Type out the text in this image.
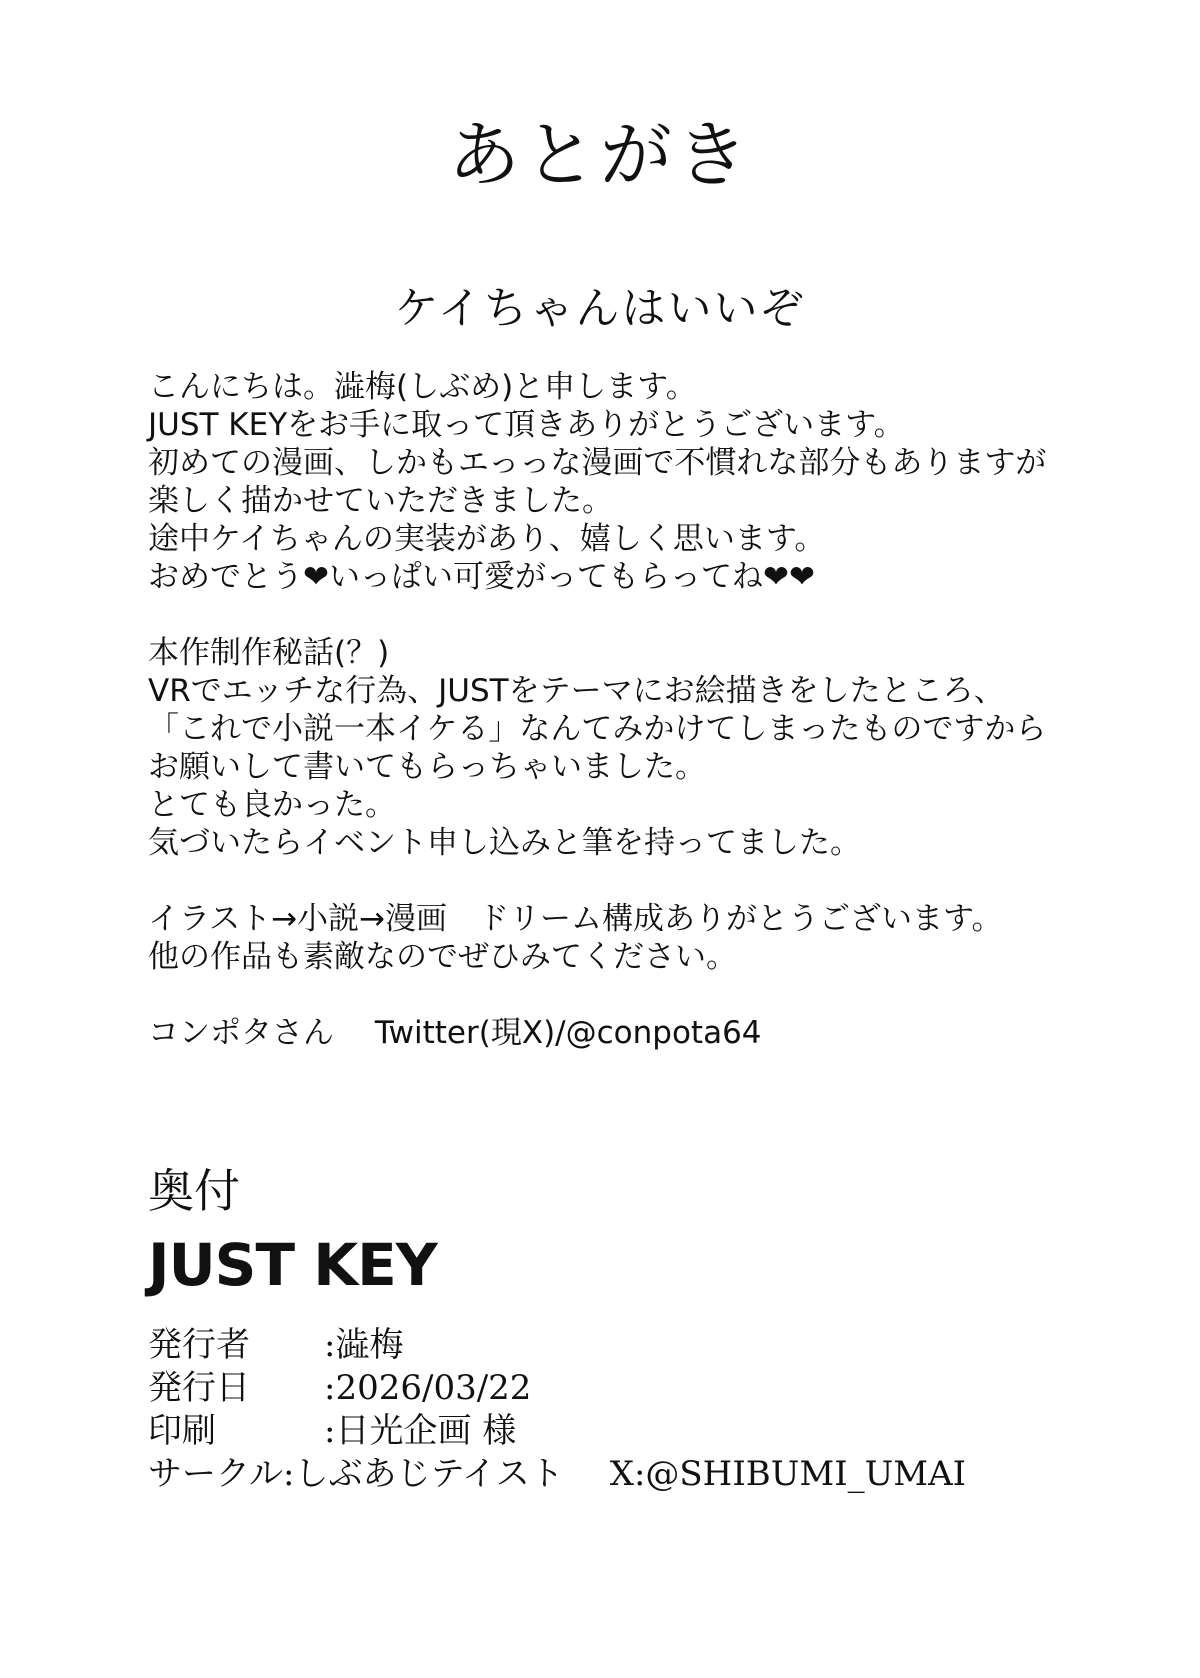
あとがき
ケイちゃんはいいぞ

こんにちは。澁梅(しぶめ)と申します。

JUST KEYをお手に取って頂きありがとうございます。

初めての漫画、しかもエっっな漫画で不慣れな部分もありますが

楽しく描かせていただきました。

途中ケイちゃんの実装があり、嬉しく思います。

おめでとう❤いっぱい可愛がってもらってね❤❤

本作制作秘話(？)

VRでエッチな行為、JUSTをテーマにお絵描きをしたところ、

「これで小説一本イケる」なんてみかけてしまったものですから

お願いして書いてもらっちゃいました。

とても良かった。

気づいたらイベント申し込みと筆を持ってました。

イラスト→小説→漫画　ドリーム構成ありがとうございます。

他の作品も素敵なのでぜひみてください。

コンポタさん　 Twitter(現X)/@conpota64

奥付
JUST KEY
発行者	:澁梅
発行日	:2026/03/22
印刷	:日光企画 様
サークル :しぶあじテイスト X:@SHIBUMI_UMAI
